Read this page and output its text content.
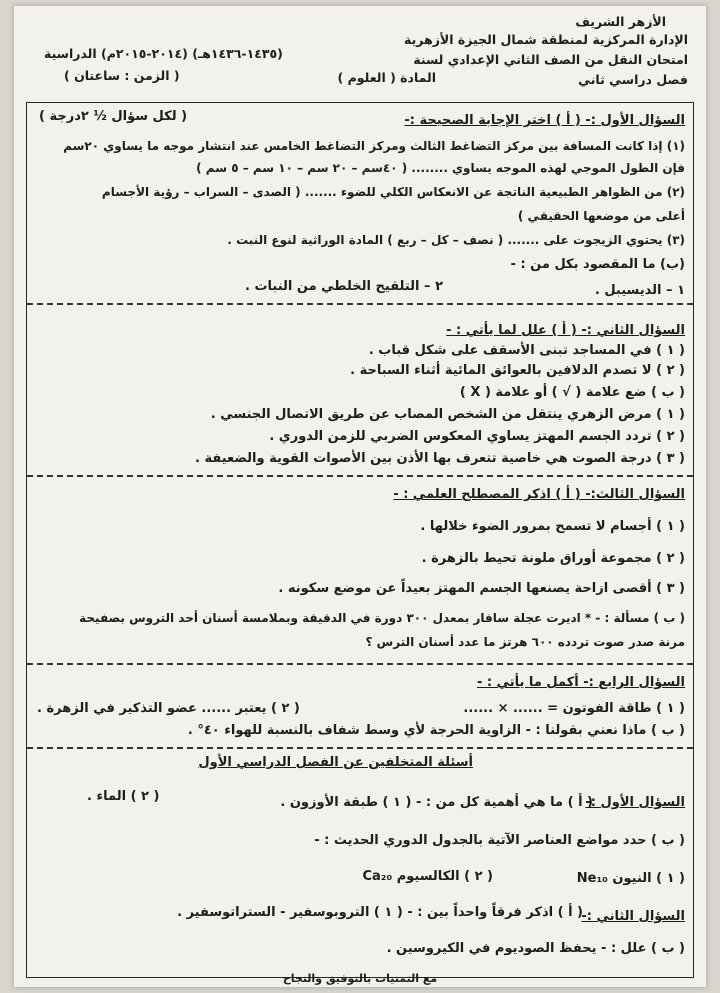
الأزهر الشريف
الإدارة المركزية لمنطقة شمال الجيزة الأزهرية
امتحان النقل من الصف الثاني الإعدادي لسنة
(١٤٣٥-١٤٣٦هـ) (٢٠١٤-٢٠١٥م) الدراسية
المادة ( العلوم )
( الزمن : ساعتان )	فصل دراسي ثاني
السؤال الأول :- ( أ ) اختر الإجابة الصحيحة :-
( لكل سؤال ½ ٢درجة )
(١) إذا كانت المسافة بين مركز التضاغط الثالث ومركز التضاغط الخامس عند انتشار موجه ما يساوي ٢٠سم
فإن الطول الموجي لهذه الموجه يساوي ........ ( ٤٠سم – ٢٠ سم – ١٠ سم – ٥ سم )
(٢) من الظواهر الطبيعية الناتجة عن الانعكاس الكلي للضوء ....... ( الصدى – السراب – رؤية الأجسام
أعلى من موضعها الحقيقي )
(٣) يحتوي الزيجوت على ....... ( نصف – كل – ربع ) المادة الوراثية لنوع النبت .
(ب) ما المقصود بكل من : -
١ – الديسيبل .
٢ – التلقيح الخلطي من النبات .
السؤال الثاني :- ( أ ) علل لما يأتي : -
( ١ ) في المساجد تبنى الأسقف على شكل قباب .
( ٢ ) لا تصدم الدلافين بالعوائق المائية أثناء السباحة .
( ب ) ضع علامة ( √ ) أو علامة ( X )
( ١ ) مرض الزهري ينتقل من الشخص المصاب عن طريق الاتصال الجنسي .
( ٢ ) تردد الجسم المهتز يساوي المعكوس الضربي للزمن الدوري .
( ٣ ) درجة الصوت هي خاصية تتعرف بها الأذن بين الأصوات القوية والضعيفة .
السؤال الثالث:- ( أ ) اذكر المصطلح العلمي : -
( ١ ) أجسام لا تسمح بمرور الضوء خلالها .
( ٢ ) مجموعة أوراق ملونة تحيط بالزهرة .
( ٣ ) أقصى ازاحة يصنعها الجسم المهتز بعيداً عن موضع سكونه .
( ب ) مسألة : - * اديرت عجلة سافار بمعدل ٣٠٠ دورة في الدقيقة وبملامسة أسنان أحد التروس بصفيحة
مرنة صدر صوت تردده ٦٠٠ هرتز ما عدد أسنان الترس ؟
السؤال الرابع :- أكمل ما يأتي : -
( ١ ) طاقة الفوتون = ...... × ......
( ٢ ) يعتبر ...... عضو التذكير في الزهرة .
( ب ) ماذا نعني بقولنا : - الزاوية الحرجة لأي وسط شفاف بالنسبة للهواء ٤٠° .
أسئلة المتخلفين عن الفصل الدراسي الأول
السؤال الأول :-
( أ ) ما هي أهمية كل من : - ( ١ ) طبقة الأوزون .
( ٢ ) الماء .
( ب ) حدد مواضع العناصر الآتية بالجدول الدوري الحديث : -
( ١ ) النيون Ne₁₀
( ٢ ) الكالسيوم Ca₂₀
السؤال الثاني :-
( أ ) اذكر فرقاً واحداً بين : - ( ١ ) التروبوسفير - الستراتوسفير .
( ب ) علل : - يحفظ الصوديوم في الكيروسين .
مع التمنيات بالتوفيق والنجاح
